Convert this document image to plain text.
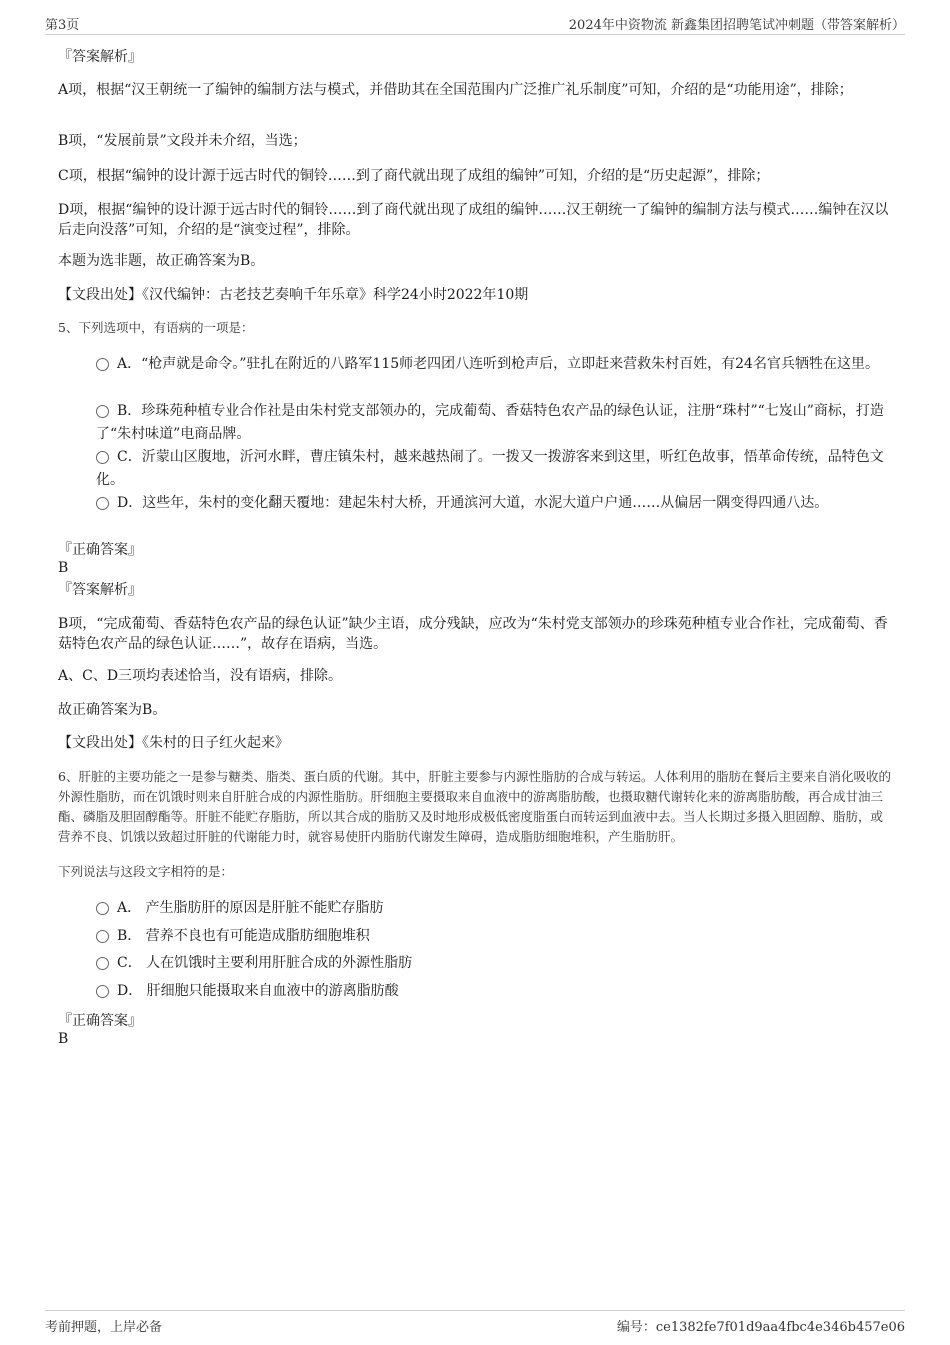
第3页	2024年中资物流 新鑫集团招聘笔试冲刺题（带答案解析）
『答案解析』
A项，根据“汉王朝统一了编钟的编制方法与模式，并借助其在全国范围内广泛推广礼乐制度”可知，介绍的是“功能用途”，排除；
B项，“发展前景”文段并未介绍，当选；
C项，根据“编钟的设计源于远古时代的铜铃……到了商代就出现了成组的编钟”可知，介绍的是“历史起源”，排除；
D项，根据“编钟的设计源于远古时代的铜铃……到了商代就出现了成组的编钟……汉王朝统一了编钟的编制方法与模式……编钟在汉以后走向没落”可知，介绍的是“演变过程”，排除。
本题为选非题，故正确答案为B。
【文段出处】《汉代编钟：古老技艺奏响千年乐章》科学24小时2022年10期
5、下列选项中，有语病的一项是：
A．“枪声就是命令。”驻扎在附近的八路军115师老四团八连听到枪声后，立即赶来营救朱村百姓，有24名官兵牺牲在这里。
B．珍珠苑种植专业合作社是由朱村党支部领办的，完成葡萄、香菇特色农产品的绿色认证，注册“珠村”“七岌山”商标，打造了“朱村味道”电商品牌。
C．沂蒙山区腹地，沂河水畔，曹庄镇朱村，越来越热闹了。一拨又一拨游客来到这里，听红色故事，悟革命传统，品特色文化。
D．这些年，朱村的变化翻天覆地：建起朱村大桥，开通滨河大道，水泥大道户户通……从偏居一隅变得四通八达。
『正确答案』
B
『答案解析』
B项，“完成葡萄、香菇特色农产品的绿色认证”缺少主语，成分残缺，应改为“朱村党支部领办的珍珠苑种植专业合作社，完成葡萄、香菇特色农产品的绿色认证……”，故存在语病，当选。
A、C、D三项均表述恰当，没有语病，排除。
故正确答案为B。
【文段出处】《朱村的日子红火起来》
6、肝脏的主要功能之一是参与糖类、脂类、蛋白质的代谢。其中，肝脏主要参与内源性脂肪的合成与转运。人体利用的脂肪在餐后主要来自消化吸收的外源性脂肪，而在饥饿时则来自肝脏合成的内源性脂肪。肝细胞主要摄取来自血液中的游离脂肪酸，也摄取糖代谢转化来的游离脂肪酸，再合成甘油三酯、磷脂及胆固醇酯等。肝脏不能贮存脂肪，所以其合成的脂肪又及时地形成极低密度脂蛋白而转运到血液中去。当人长期过多摄入胆固醇、脂肪，或营养不良、饥饿以致超过肝脏的代谢能力时，就容易使肝内脂肪代谢发生障碍，造成脂肪细胞堆积，产生脂肪肝。
下列说法与这段文字相符的是：
A． 产生脂肪肝的原因是肝脏不能贮存脂肪
B． 营养不良也有可能造成脂肪细胞堆积
C． 人在饥饿时主要利用肝脏合成的外源性脂肪
D． 肝细胞只能摄取来自血液中的游离脂肪酸
『正确答案』
B
考前押题，上岸必备	编号：ce1382fe7f01d9aa4fbc4e346b457e06
